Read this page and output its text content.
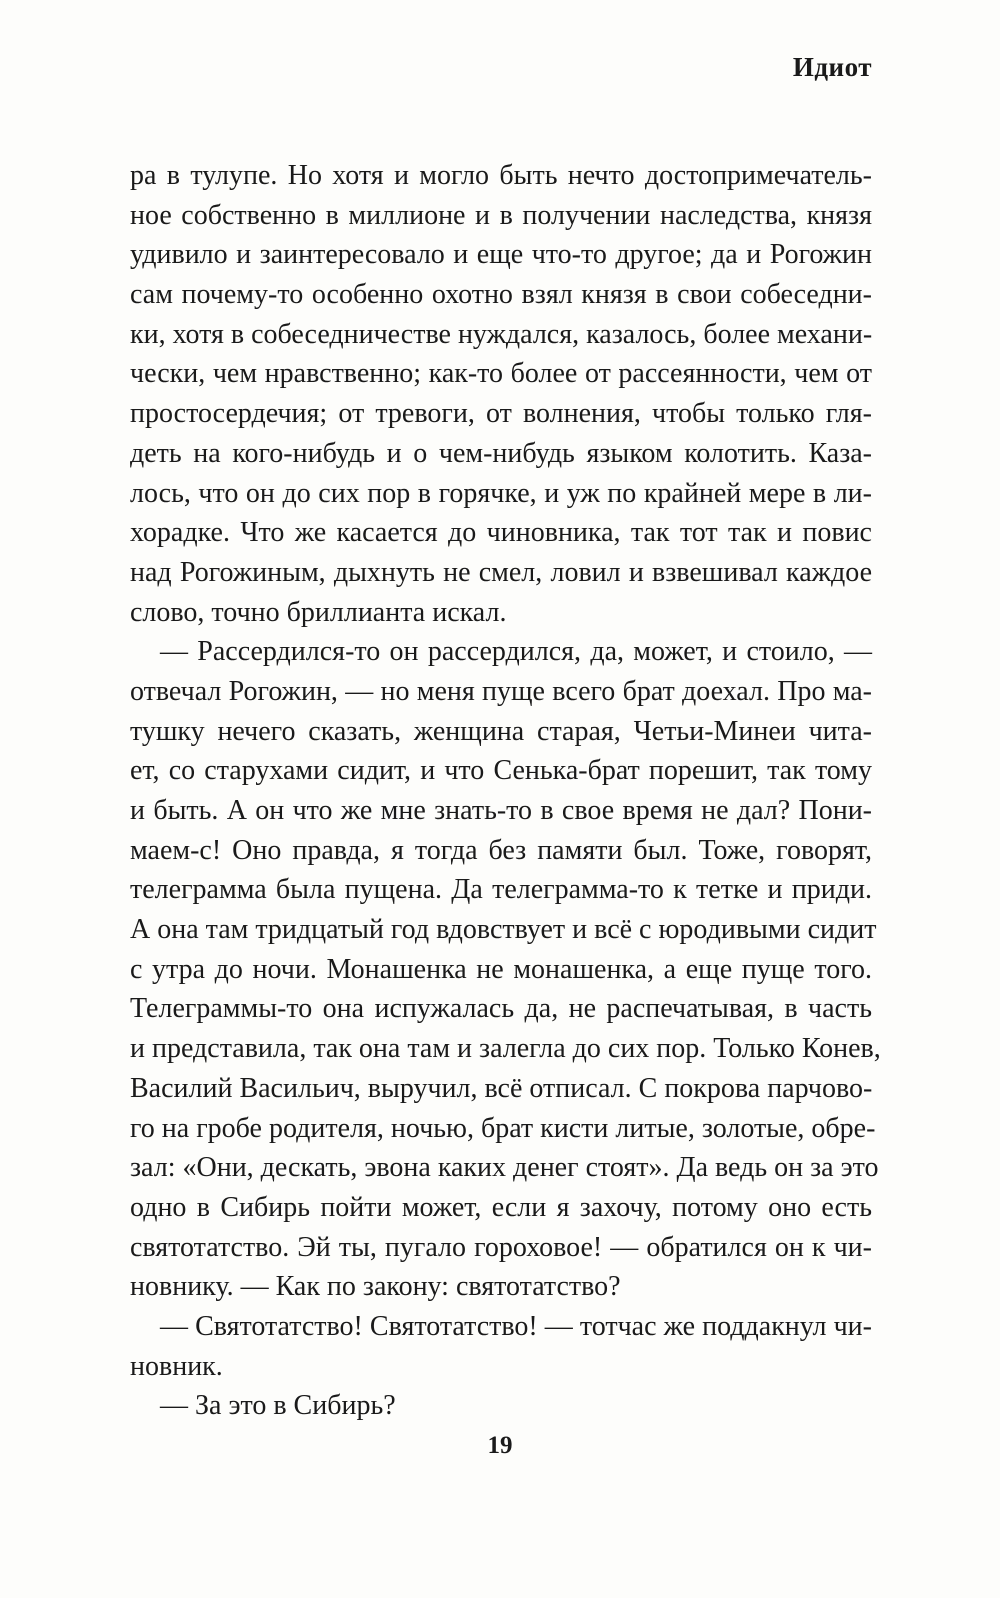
Идиот
ра в тулупе. Но хотя и могло быть нечто достопримечатель-
ное собственно в миллионе и в получении наследства, князя
удивило и заинтересовало и еще что-то другое; да и Рогожин
сам почему-то особенно охотно взял князя в свои собеседни-
ки, хотя в собеседничестве нуждался, казалось, более механи-
чески, чем нравственно; как-то более от рассеянности, чем от
простосердечия; от тревоги, от волнения, чтобы только гля-
деть на кого-нибудь и о чем-нибудь языком колотить. Каза-
лось, что он до сих пор в горячке, и уж по крайней мере в ли-
хорадке. Что же касается до чиновника, так тот так и повис
над Рогожиным, дыхнуть не смел, ловил и взвешивал каждое
слово, точно бриллианта искал.
— Рассердился-то он рассердился, да, может, и стоило, —
отвечал Рогожин, — но меня пуще всего брат доехал. Про ма-
тушку нечего сказать, женщина старая, Четьи-Минеи чита-
ет, со старухами сидит, и что Сенька-брат порешит, так тому
и быть. А он что же мне знать-то в свое время не дал? Пони-
маем-с! Оно правда, я тогда без памяти был. Тоже, говорят,
телеграмма была пущена. Да телеграмма-то к тетке и приди.
А она там тридцатый год вдовствует и всё с юродивыми сидит
с утра до ночи. Монашенка не монашенка, а еще пуще того.
Телеграммы-то она испужалась да, не распечатывая, в часть
и представила, так она там и залегла до сих пор. Только Конев,
Василий Васильич, выручил, всё отписал. С покрова парчово-
го на гробе родителя, ночью, брат кисти литые, золотые, обре-
зал: «Они, дескать, эвона каких денег стоят». Да ведь он за это
одно в Сибирь пойти может, если я захочу, потому оно есть
святотатство. Эй ты, пугало гороховое! — обратился он к чи-
новнику. — Как по закону: святотатство?
— Святотатство! Святотатство! — тотчас же поддакнул чи-
новник.
— За это в Сибирь?
19
